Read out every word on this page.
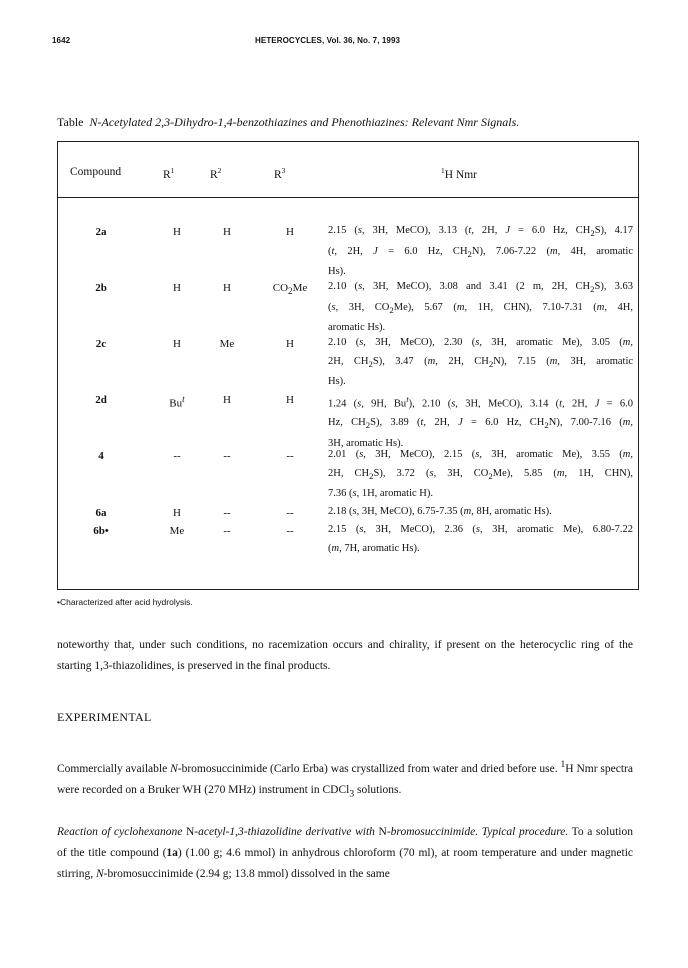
1642	HETEROCYCLES, Vol. 36, No. 7, 1993
Table N-Acetylated 2,3-Dihydro-1,4-benzothiazines and Phenothiazines: Relevant Nmr Signals.
Compound	$R^1$	$R^2$	$R^3$	$^1$H Nmr
2a	H	H	H	2.15 (s, 3H, MeCO), 3.13 (t, 2H, J = 6.0 Hz, $CH_2S$), 4.17

(t, 2H, J = 6.0 Hz, $CH_2N$), 7.06-7.22 (m, 4H, aromatic

Hs).

2b	H	H	$CO_2Me$ 2.10 (s, 3H, MeCO), 3.08 and 3.41 (2 m, 2H, $CH_2S$), 3.63

(s, 3H, $CO_2Me$), 5.67 (m, 1H, CHN), 7.10-7.31 (m, 4H,

aromatic Hs).

2c	H	Me	H	2.10 (s, 3H, MeCO), 2.30 (s, 3H, aromatic Me), 3.05 (m,

2H, $CH_2S$), 3.47 (m, 2H, $CH_2N$), 7.15 (m, 3H, aromatic

Hs).

2d	Bu$^t$	H	H	1.24 (s, 9H, Bu$^t$), 2.10 (s, 3H, MeCO), 3.14 (t, 2H, J = 6.0

Hz, $CH_2S$), 3.89 (t, 2H, J = 6.0 Hz, $CH_2N$), 7.00-7.16 (m,

3H, aromatic Hs).

4	--	--	--	2.01 (s, 3H, MeCO), 2.15 (s, 3H, aromatic Me), 3.55 (m,

2H, $CH_2S$), 3.72 (s, 3H, $CO_2Me$), 5.85 (m, 1H, CHN),

7.36 (s, 1H, aromatic H).

6a	H	--	--	2.18 (s, 3H, MeCO), 6.75-7.35 (m, 8H, aromatic Hs).

6b•	Me	--	--	2.15 (s, 3H, MeCO), 2.36 (s, 3H, aromatic Me), 6.80-7.22

(m, 7H, aromatic Hs).

•Characterized after acid hydrolysis.

noteworthy that, under such conditions, no racemization occurs and chirality, if present on the heterocyclic ring of the starting 1,3-thiazolidines, is preserved in the final products.

EXPERIMENTAL

Commercially available N-bromosuccinimide (Carlo Erba) was crystallized from water and dried before use. $^1$H Nmr spectra were recorded on a Bruker WH (270 MHz) instrument in CDCl$_3$ solutions.

Reaction of cyclohexanone N-acetyl-1,3-thiazolidine derivative with N-bromosuccinimide. Typical procedure. To a solution of the title compound (1a) (1.00 g; 4.6 mmol) in anhydrous chloroform (70 ml), at room temperature and under magnetic stirring, N-bromosuccinimide (2.94 g; 13.8 mmol) dissolved in the same
